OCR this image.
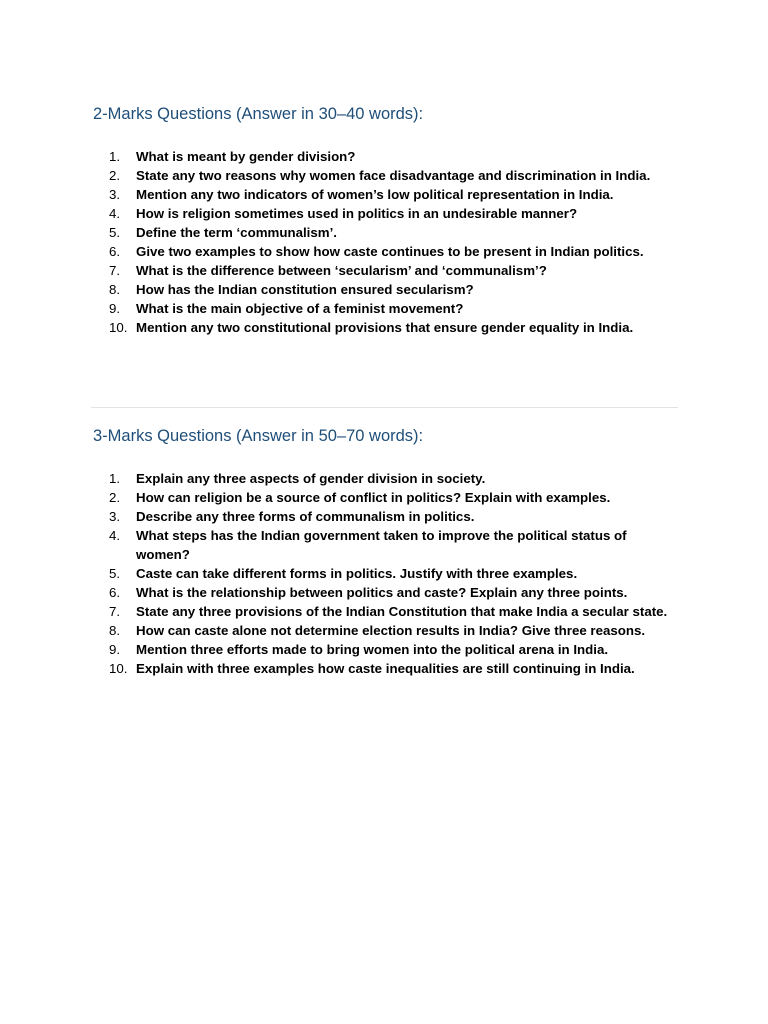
2-Marks Questions (Answer in 30–40 words):
1.	What is meant by gender division?
2.	State any two reasons why women face disadvantage and discrimination in India.
3.	Mention any two indicators of women’s low political representation in India.
4.	How is religion sometimes used in politics in an undesirable manner?
5.	Define the term ‘communalism’.
6.	Give two examples to show how caste continues to be present in Indian politics.
7.	What is the difference between ‘secularism’ and ‘communalism’?
8.	How has the Indian constitution ensured secularism?
9.	What is the main objective of a feminist movement?
10. Mention any two constitutional provisions that ensure gender equality in India.
3-Marks Questions (Answer in 50–70 words):
1.	Explain any three aspects of gender division in society.
2.	How can religion be a source of conflict in politics? Explain with examples.
3.	Describe any three forms of communalism in politics.
4.	What steps has the Indian government taken to improve the political status of women?
5.	Caste can take different forms in politics. Justify with three examples.
6.	What is the relationship between politics and caste? Explain any three points.
7.	State any three provisions of the Indian Constitution that make India a secular state.
8.	How can caste alone not determine election results in India? Give three reasons.
9.	Mention three efforts made to bring women into the political arena in India.
10. Explain with three examples how caste inequalities are still continuing in India.
